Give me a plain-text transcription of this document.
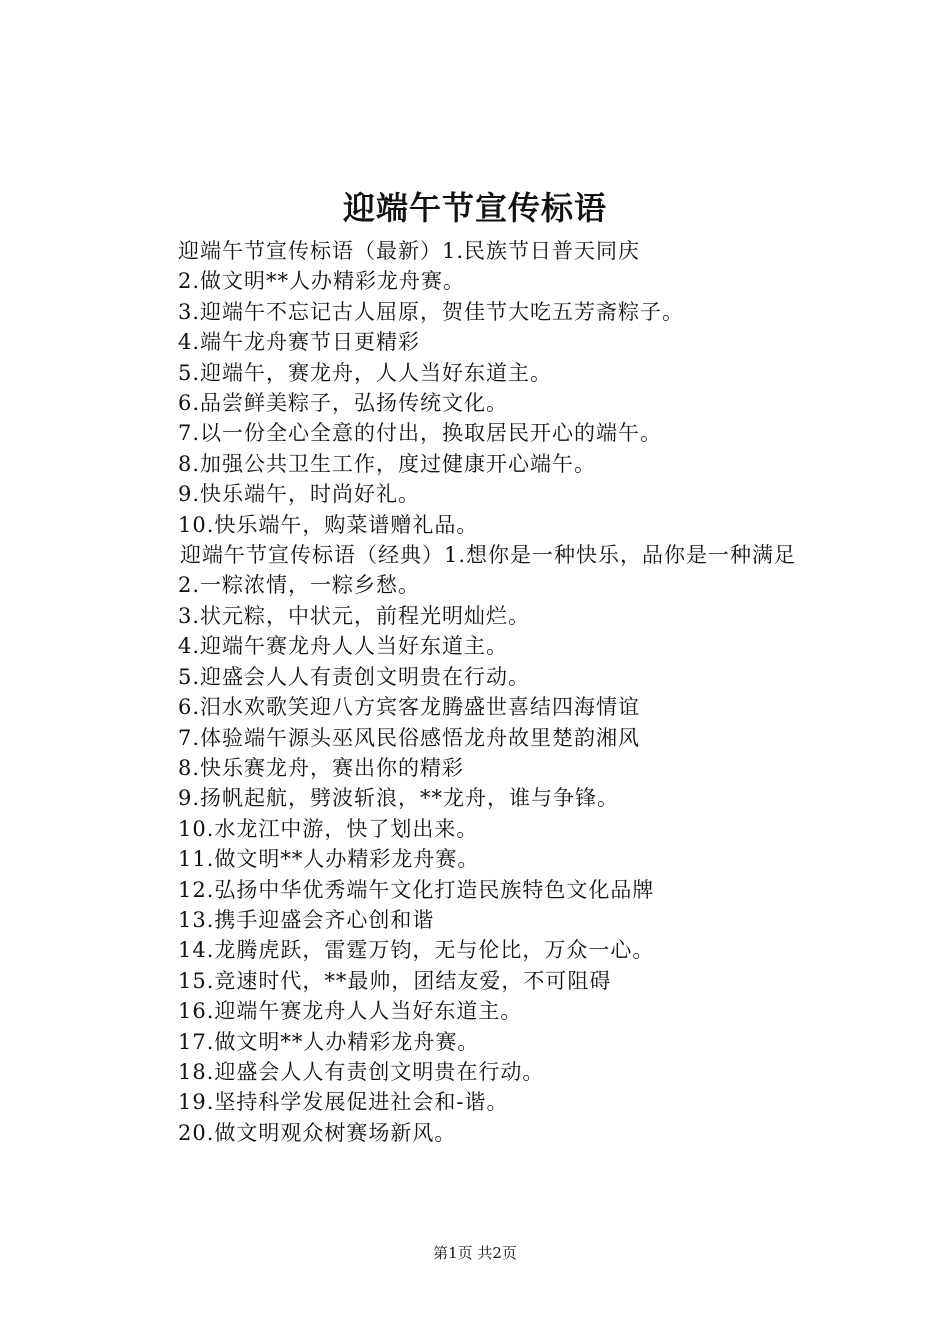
迎端午节宣传标语

迎端午节宣传标语（最新）1.民族节日普天同庆

2.做文明**人办精彩龙舟赛。

3.迎端午不忘记古人屈原，贺佳节大吃五芳斋粽子。

4.端午龙舟赛节日更精彩

5.迎端午，赛龙舟，人人当好东道主。

6.品尝鲜美粽子，弘扬传统文化。

7.以一份全心全意的付出，换取居民开心的端午。

8.加强公共卫生工作，度过健康开心端午。

9.快乐端午，时尚好礼。

10.快乐端午，购菜谱赠礼品。

迎端午节宣传标语（经典）1.想你是一种快乐，品你是一种满足

2.一粽浓情，一粽乡愁。

3.状元粽，中状元，前程光明灿烂。

4.迎端午赛龙舟人人当好东道主。

5.迎盛会人人有责创文明贵在行动。

6.汨水欢歌笑迎八方宾客龙腾盛世喜结四海情谊

7.体验端午源头巫风民俗感悟龙舟故里楚韵湘风

8.快乐赛龙舟，赛出你的精彩

9.扬帆起航，劈波斩浪，**龙舟，谁与争锋。

10.水龙江中游，快了划出来。

11.做文明**人办精彩龙舟赛。

12.弘扬中华优秀端午文化打造民族特色文化品牌

13.携手迎盛会齐心创和谐

14.龙腾虎跃，雷霆万钧，无与伦比，万众一心。

15.竞速时代，**最帅，团结友爱，不可阻碍

16.迎端午赛龙舟人人当好东道主。

17.做文明**人办精彩龙舟赛。

18.迎盛会人人有责创文明贵在行动。

19.坚持科学发展促进社会和-谐。

20.做文明观众树赛场新风。

第1页 共2页
